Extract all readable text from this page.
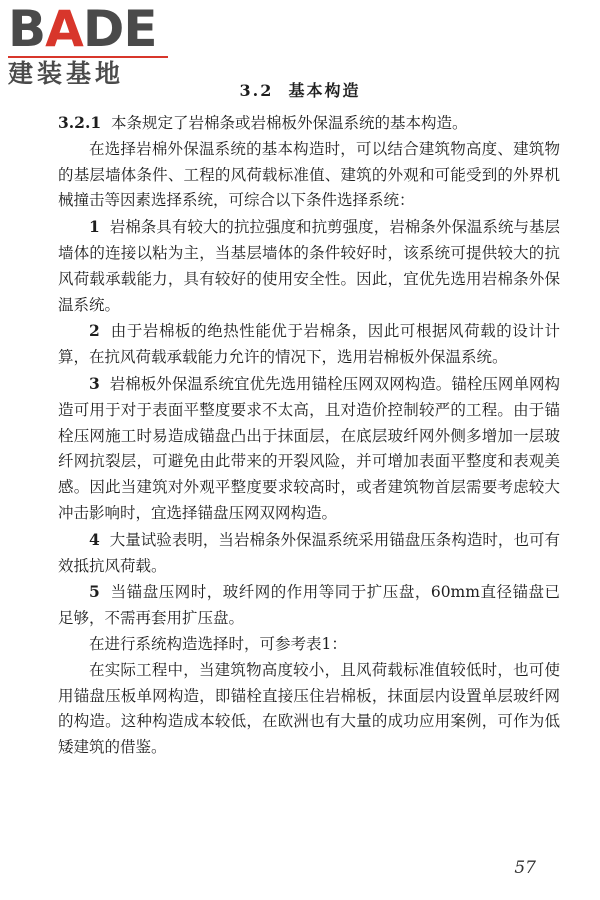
BADE
建装基地
3.2 基本构造

3.2.1 本条规定了岩棉条或岩棉板外保温系统的基本构造。

在选择岩棉外保温系统的基本构造时，可以结合建筑物高度、建筑物的基层墙体条件、工程的风荷载标准值、建筑的外观和可能受到的外界机械撞击等因素选择系统，可综合以下条件选择系统：

1 岩棉条具有较大的抗拉强度和抗剪强度，岩棉条外保温系统与基层墙体的连接以粘为主，当基层墙体的条件较好时，该系统可提供较大的抗风荷载承载能力，具有较好的使用安全性。因此，宜优先选用岩棉条外保温系统。

2 由于岩棉板的绝热性能优于岩棉条，因此可根据风荷载的设计计算，在抗风荷载承载能力允许的情况下，选用岩棉板外保温系统。

3 岩棉板外保温系统宜优先选用锚栓压网双网构造。锚栓压网单网构造可用于对于表面平整度要求不太高，且对造价控制较严的工程。由于锚栓压网施工时易造成锚盘凸出于抹面层，在底层玻纤网外侧多增加一层玻纤网抗裂层，可避免由此带来的开裂风险，并可增加表面平整度和表观美感。因此当建筑对外观平整度要求较高时，或者建筑物首层需要考虑较大冲击影响时，宜选择锚盘压网双网构造。

4 大量试验表明，当岩棉条外保温系统采用锚盘压条构造时，也可有效抵抗风荷载。

5 当锚盘压网时，玻纤网的作用等同于扩压盘，60mm直径锚盘已足够，不需再套用扩压盘。

在进行系统构造选择时，可参考表1：

在实际工程中，当建筑物高度较小，且风荷载标准值较低时，也可使用锚盘压板单网构造，即锚栓直接压住岩棉板，抹面层内设置单层玻纤网的构造。这种构造成本较低，在欧洲也有大量的成功应用案例，可作为低矮建筑的借鉴。

57
